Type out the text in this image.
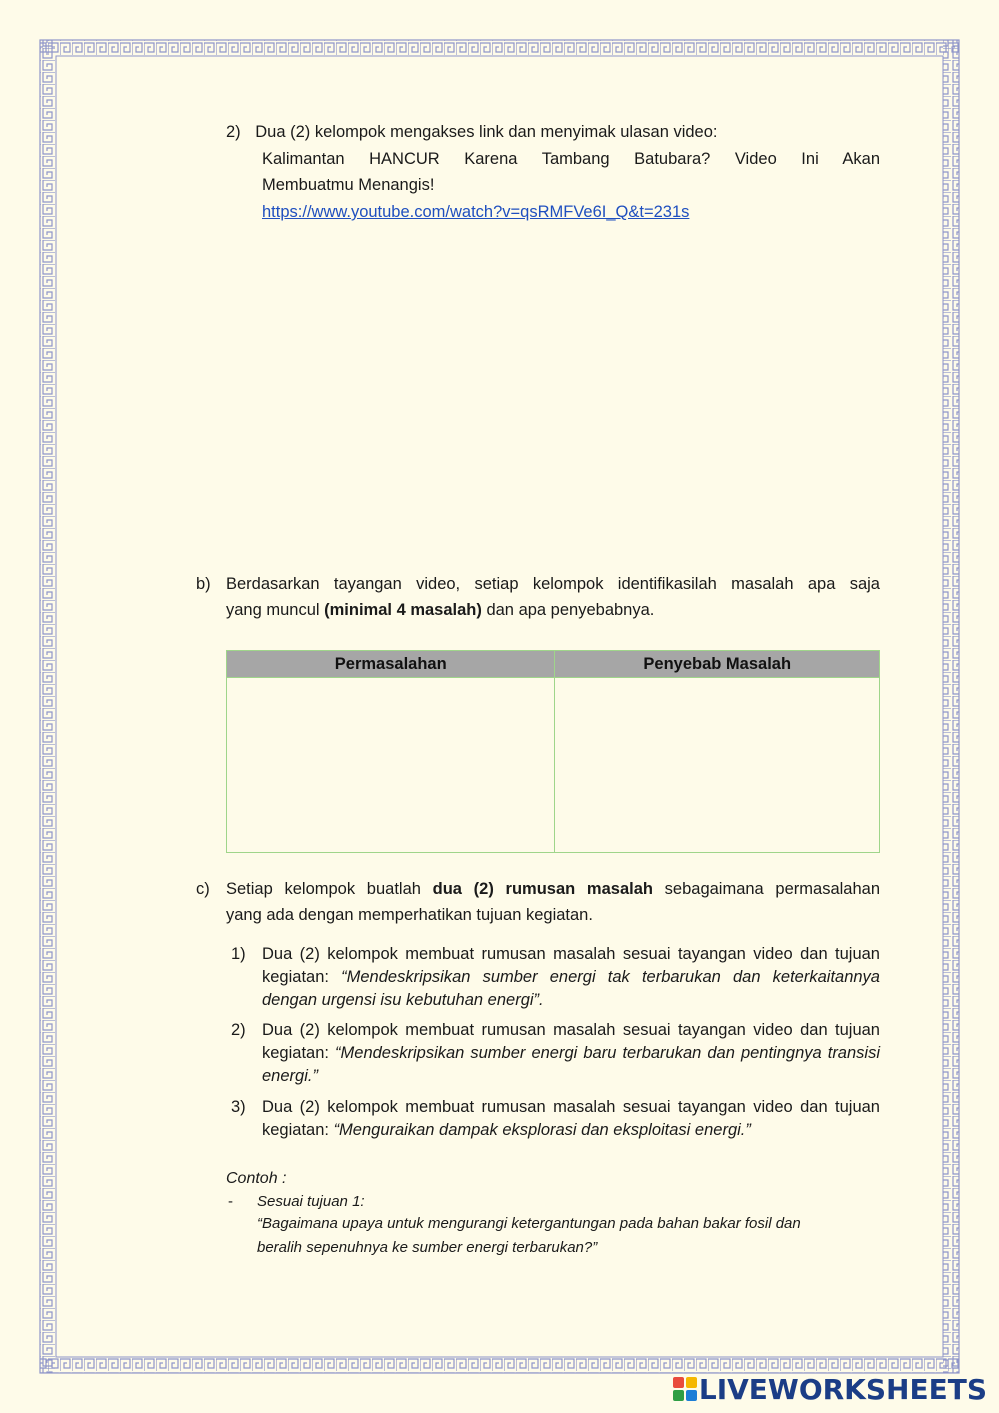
2) Dua (2) kelompok mengakses link dan menyimak ulasan video:
Kalimantan HANCUR Karena Tambang Batubara? Video Ini Akan
Membuatmu Menangis!
https://www.youtube.com/watch?v=qsRMFVe6I_Q&t=231s
b) Berdasarkan tayangan video, setiap kelompok identifikasilah masalah apa saja
yang muncul (minimal 4 masalah) dan apa penyebabnya.
Permasalahan	Penyebab Masalah

c) Setiap kelompok buatlah dua (2) rumusan masalah sebagaimana permasalahan
yang ada dengan memperhatikan tujuan kegiatan.
1) Dua (2) kelompok membuat rumusan masalah sesuai tayangan video dan tujuan kegiatan: “Mendeskripsikan sumber energi tak terbarukan dan keterkaitannya dengan urgensi isu kebutuhan energi”.
2) Dua (2) kelompok membuat rumusan masalah sesuai tayangan video dan tujuan kegiatan: “Mendeskripsikan sumber energi baru terbarukan dan pentingnya transisi energi.”
3) Dua (2) kelompok membuat rumusan masalah sesuai tayangan video dan tujuan kegiatan: “Menguraikan dampak eksplorasi dan eksploitasi energi.”
Contoh :
- Sesuai tujuan 1:
“Bagaimana upaya untuk mengurangi ketergantungan pada bahan bakar fosil dan
beralih sepenuhnya ke sumber energi terbarukan?”
LIVEWORKSHEETS
